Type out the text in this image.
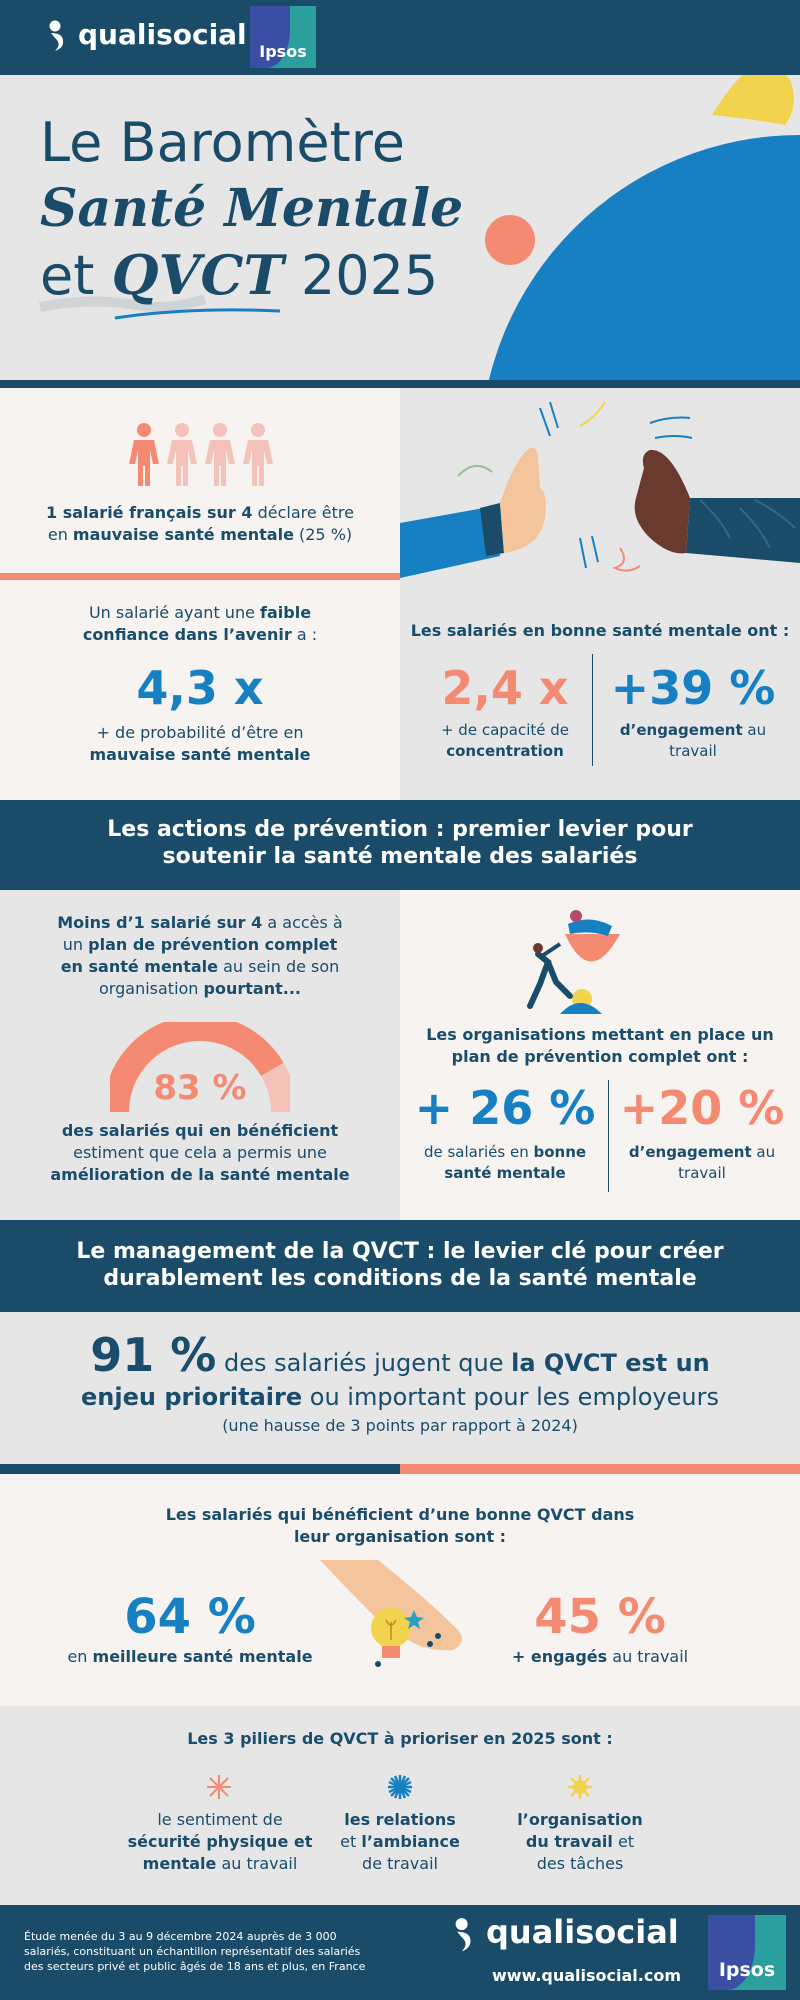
qualisocial
Ipsos
Le Baromètre
Santé Mentale
et QVCT 2025
1 salarié français sur 4 déclare être
en mauvaise santé mentale (25 %)
Un salarié ayant une faible
confiance dans l’avenir a :
4,3 x
+ de probabilité d’être en
mauvaise santé mentale
Les salariés en bonne santé mentale ont :
2,4 x
+ de capacité de
concentration
+39 %
d’engagement au
travail
Les actions de prévention : premier levier pour
soutenir la santé mentale des salariés
Moins d’1 salarié sur 4 a accès à
un plan de prévention complet
en santé mentale au sein de son
organisation pourtant...
83 %
des salariés qui en bénéficient
estiment que cela a permis une
amélioration de la santé mentale
Les organisations mettant en place un
plan de prévention complet ont :
+ 26 %
de salariés en bonne
santé mentale
+20 %
d’engagement au
travail
Le management de la QVCT : le levier clé pour créer
durablement les conditions de la santé mentale
91 % des salariés jugent que la QVCT est un
enjeu prioritaire ou important pour les employeurs
(une hausse de 3 points par rapport à 2024)
Les salariés qui bénéficient d’une bonne QVCT dans
leur organisation sont :
64 %
en meilleure santé mentale
45 %
+ engagés au travail
Les 3 piliers de QVCT à prioriser en 2025 sont :
le sentiment de
sécurité physique et
mentale au travail
les relations
et l’ambiance
de travail
l’organisation
du travail et
des tâches
Étude menée du 3 au 9 décembre 2024 auprès de 3 000
salariés, constituant un échantillon représentatif des salariés
des secteurs privé et public âgés de 18 ans et plus, en France
qualisocial
www.qualisocial.com	Ipsos
